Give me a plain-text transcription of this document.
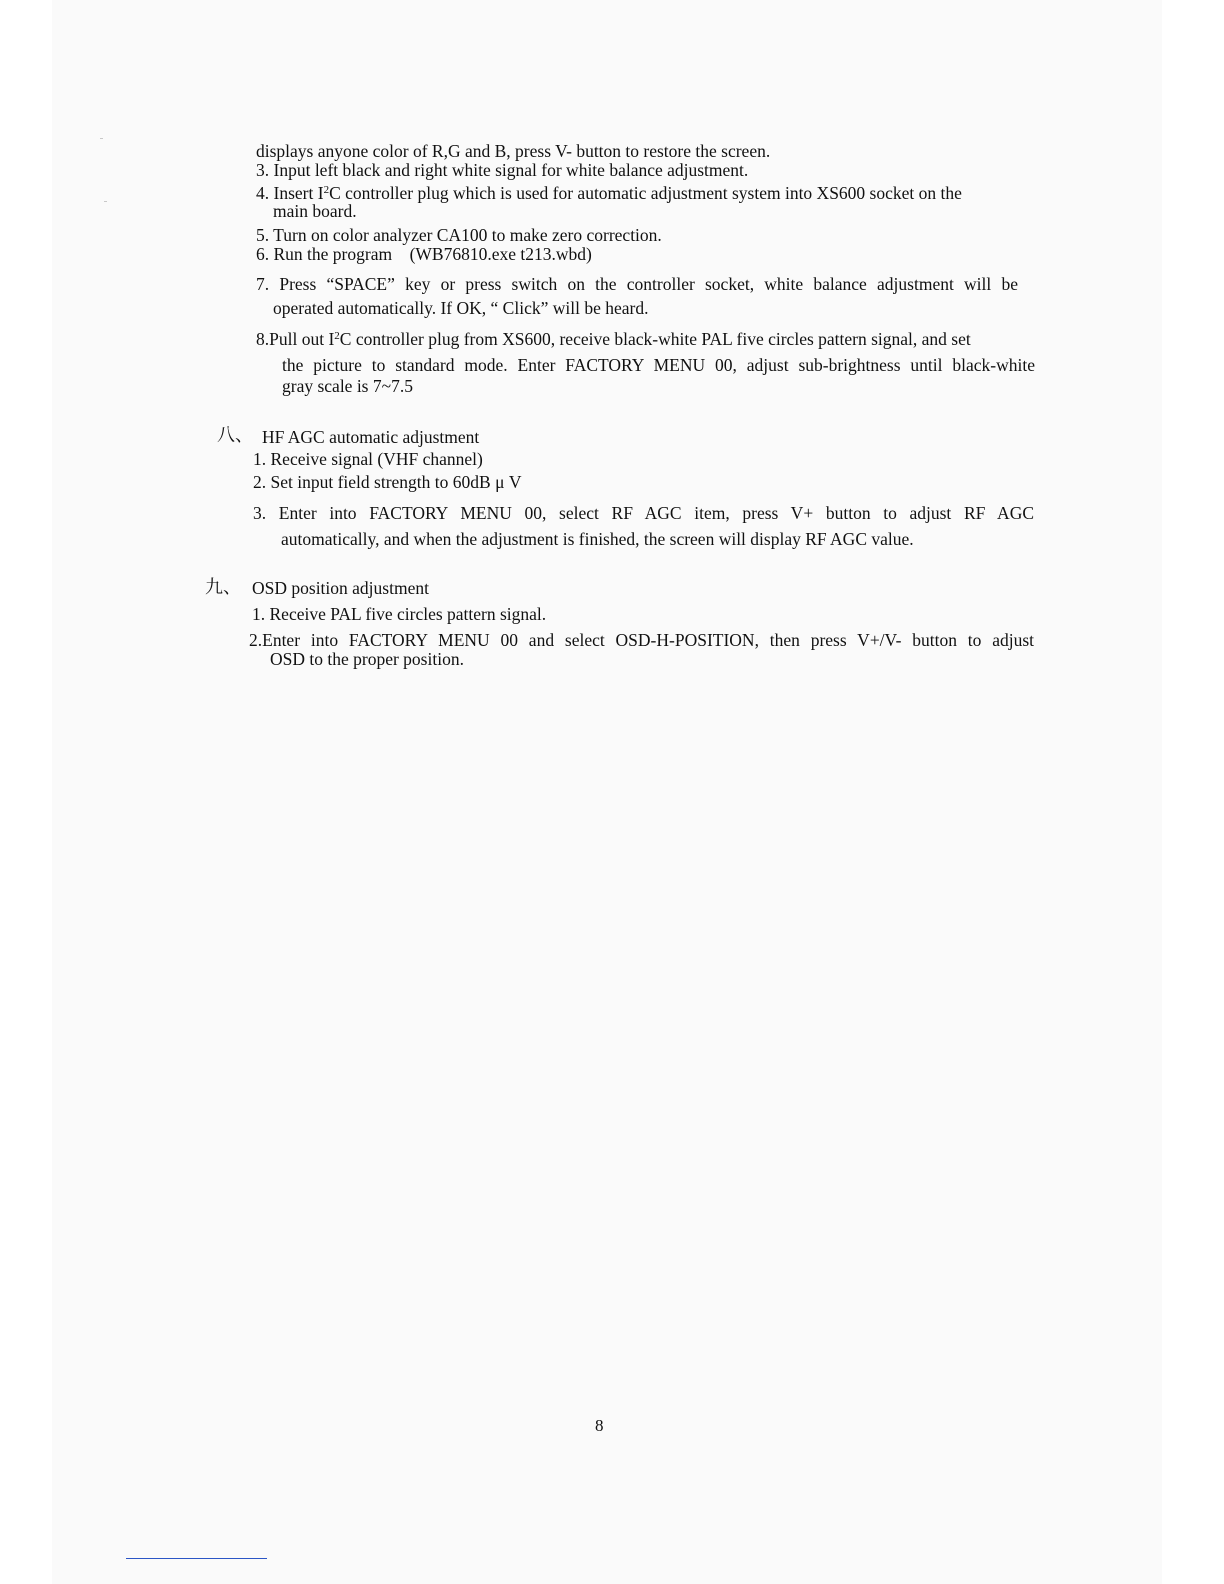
displays anyone color of R,G and B, press V- button to restore the screen.
3. Input left black and right white signal for white balance adjustment.
4. Insert $I^2C$ controller plug which is used for automatic adjustment system into XS600 socket on the
main board.
5. Turn on color analyzer CA100 to make zero correction.
6. Run the program　(WB76810.exe t213.wbd)
7. Press “SPACE” key or press switch on the controller socket, white balance adjustment will be
operated automatically. If OK, “ Click” will be heard.
8.Pull out $I^2C$ controller plug from XS600, receive black-white PAL five circles pattern signal, and set
the picture to standard mode. Enter FACTORY MENU 00, adjust sub-brightness until black-white
gray scale is 7~7.5
八、 HF AGC automatic adjustment
1. Receive signal (VHF channel)
2. Set input field strength to 60dB μ V
3. Enter into FACTORY MENU 00, select RF AGC item, press V+ button to adjust RF AGC
automatically, and when the adjustment is finished, the screen will display RF AGC value.
九、 OSD position adjustment
1. Receive PAL five circles pattern signal.
2.Enter into FACTORY MENU 00 and select OSD-H-POSITION, then press V+/V- button to adjust
OSD to the proper position.
8
